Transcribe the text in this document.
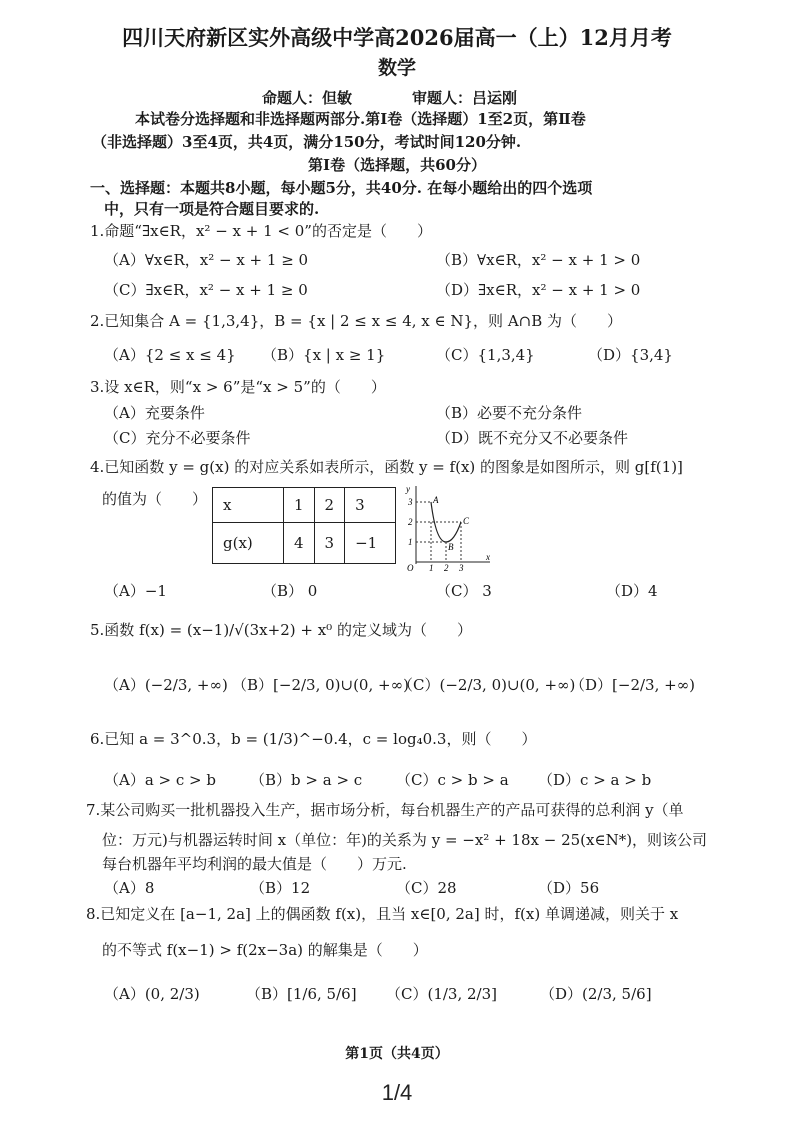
四川天府新区实外高级中学高2026届高一（上）12月月考
数学
命题人：但敏	审题人：吕运刚
本试卷分选择题和非选择题两部分.第Ⅰ卷（选择题）1至2页，第Ⅱ卷
（非选择题）3至4页，共4页，满分150分，考试时间120分钟.
第Ⅰ卷（选择题，共60分）
一、选择题：本题共8小题，每小题5分，共40分. 在每小题给出的四个选项
中，只有一项是符合题目要求的.
1.命题“∃x∈R，x² − x + 1 < 0”的否定是（　　）
（A）∀x∈R，x² − x + 1 ≥ 0	（B）∀x∈R，x² − x + 1 > 0
（C）∃x∈R，x² − x + 1 ≥ 0	（D）∃x∈R，x² − x + 1 > 0
2.已知集合 A = {1,3,4}，B = {x | 2 ≤ x ≤ 4, x ∈ N}，则 A∩B 为（　　）
（A）{2 ≤ x ≤ 4} （B）{x | x ≥ 1}	（C）{1,3,4}	（D）{3,4}
3.设 x∈R，则“x > 6”是“x > 5”的（　　）
（A）充要条件	（B）必要不充分条件
（C）充分不必要条件	（D）既不充分又不必要条件
4.已知函数 y = g(x) 的对应关系如表所示，函数 y = f(x) 的图象是如图所示，则 g[f(1)]
的值为（　　） x	1	2	3
g(x)	4	3	−1
y
x
O 1 2 3
1
2
3 A
B
C
（A）−1	（B） 0	（C） 3	（D）4
5.函数 f(x) = (x−1)/√(3x+2) + x⁰ 的定义域为（　　）
（A）(−2/3, +∞) （B）[−2/3, 0)∪(0, +∞)
（C）(−2/3, 0)∪(0, +∞)
（D）[−2/3, +∞)
6.已知 a = 3^0.3，b = (1/3)^−0.4，c = log₄0.3，则（　　）
（A）a > c > b （B）b > a > c （C）c > b > a （D）c > a > b
7.某公司购买一批机器投入生产，据市场分析，每台机器生产的产品可获得的总利润 y（单
位：万元)与机器运转时间 x（单位：年)的关系为 y = −x² + 18x − 25(x∈N*)，则该公司
每台机器年平均利润的最大值是（　　）万元.
（A）8	（B）12	（C）28	（D）56
8.已知定义在 [a−1, 2a] 上的偶函数 f(x)，且当 x∈[0, 2a] 时，f(x) 单调递减，则关于 x
的不等式 f(x−1) > f(2x−3a) 的解集是（　　）
（A）(0, 2/3)	（B）[1/6, 5/6] （C）(1/3, 2/3]	（D）(2/3, 5/6]
第1页（共4页）
1/4
